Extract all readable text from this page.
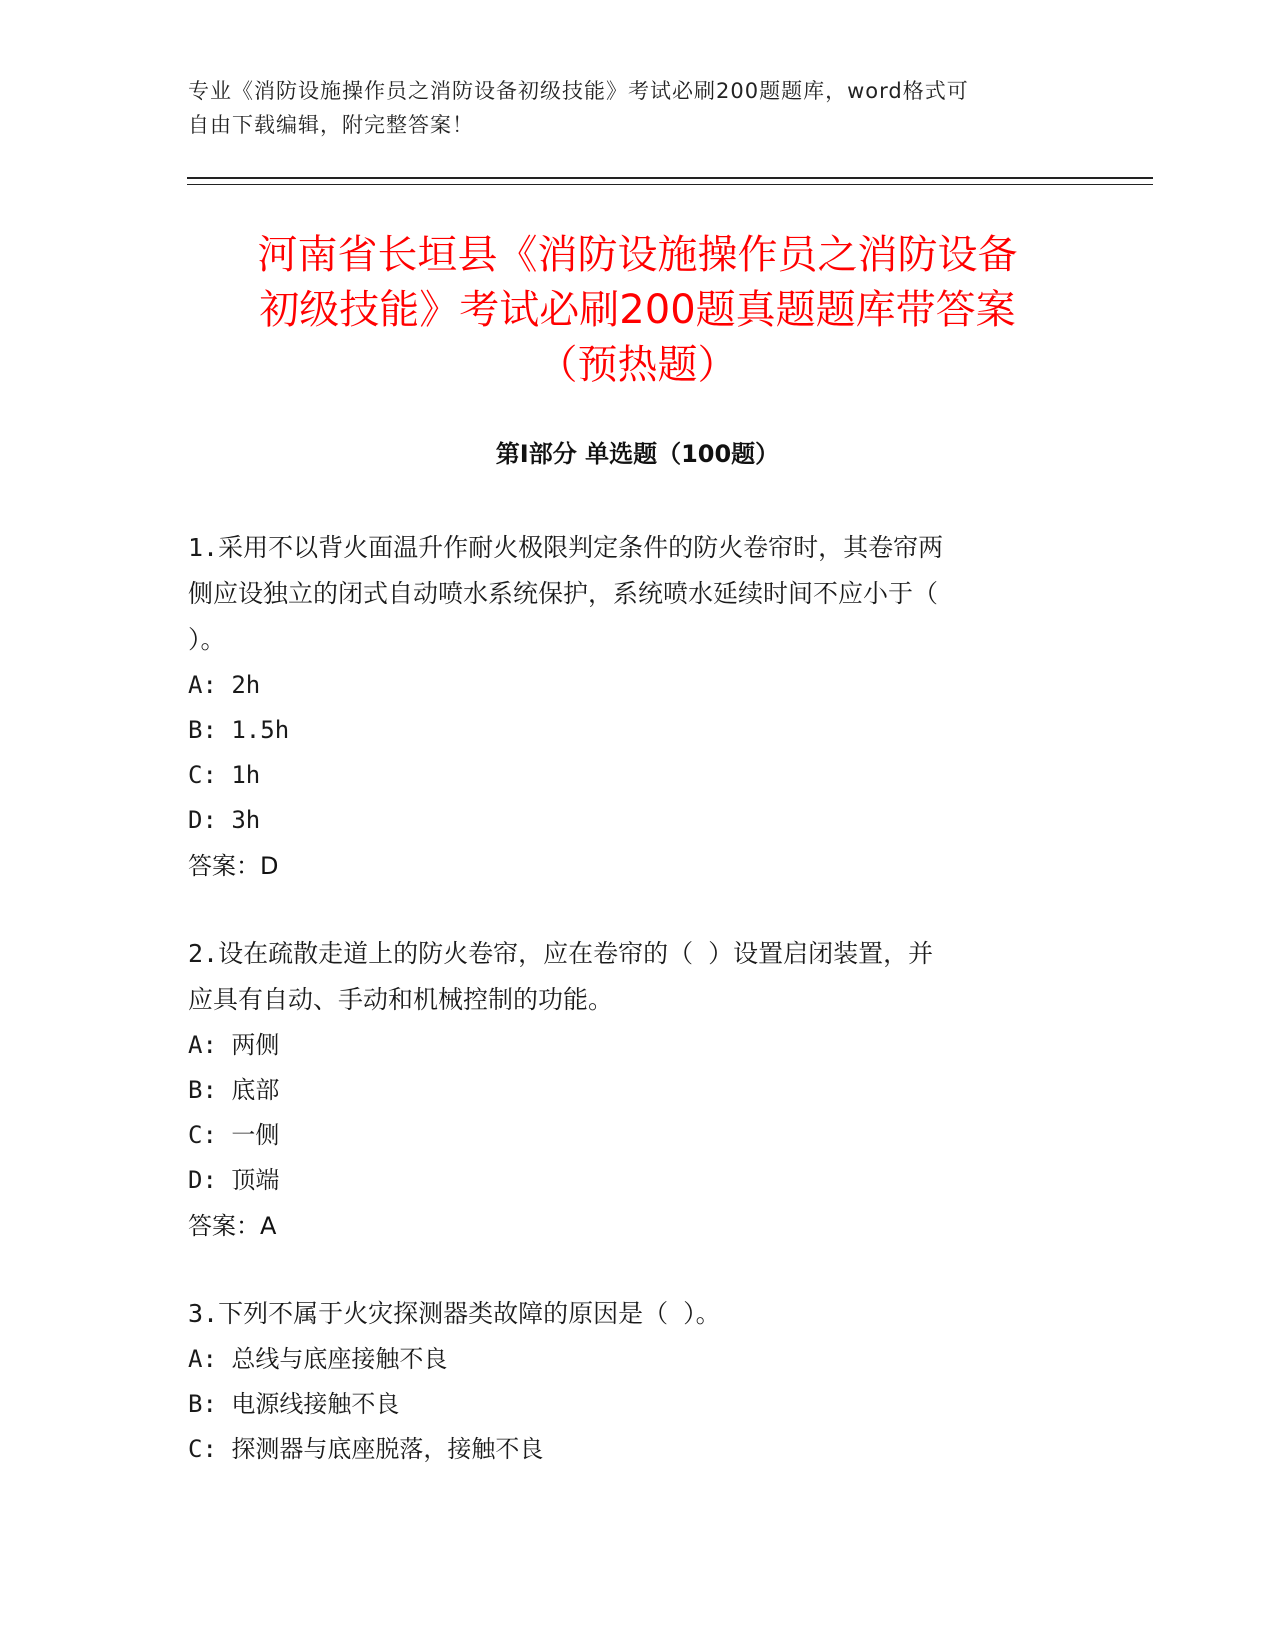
专业《消防设施操作员之消防设备初级技能》考试必刷200题题库，word格式可
自由下载编辑，附完整答案！
河南省长垣县《消防设施操作员之消防设备
初级技能》考试必刷200题真题题库带答案
（预热题）
第I部分 单选题（100题）

1.采用不以背火面温升作耐火极限判定条件的防火卷帘时，其卷帘两

侧应设独立的闭式自动喷水系统保护，系统喷水延续时间不应小于（

）。

A: 2h

B: 1.5h

C: 1h

D: 3h

答案：D

2.设在疏散走道上的防火卷帘，应在卷帘的（ ）设置启闭装置，并

应具有自动、手动和机械控制的功能。

A: 两侧

B: 底部

C: 一侧

D: 顶端

答案：A

3.下列不属于火灾探测器类故障的原因是（ ）。

A: 总线与底座接触不良

B: 电源线接触不良

C: 探测器与底座脱落，接触不良
